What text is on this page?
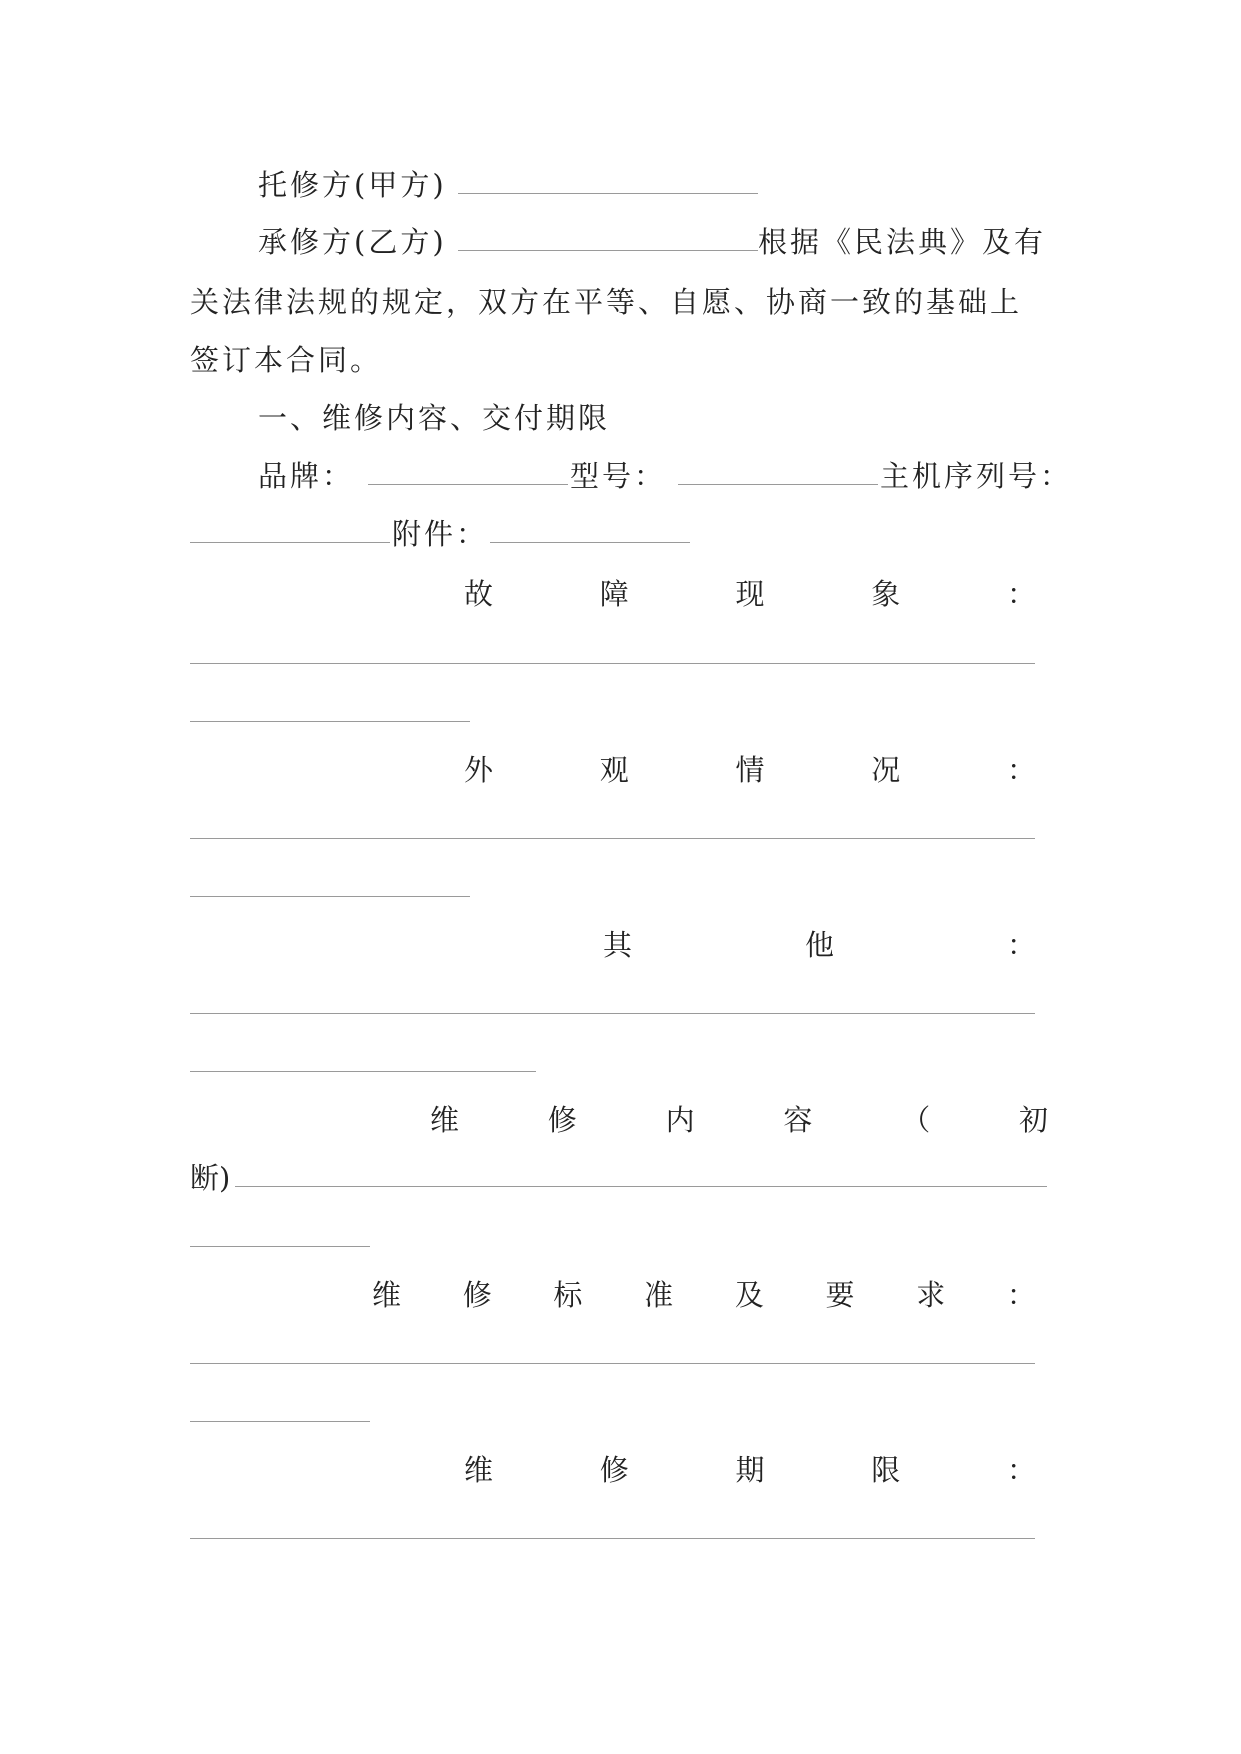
托修方(甲方)
承修方(乙方)	根据《民法典》及有
关法律法规的规定，双方在平等、自愿、协商一致的基础上
签订本合同。
一、维修内容、交付期限
品牌：	型号：	主机序列号：
附件：
故	障	现	象	：
外	观	情	况	：
其	他	：
维	修	内	容	（	初
断)
维 修 标 准 及 要 求 ：
维	修	期	限	：
